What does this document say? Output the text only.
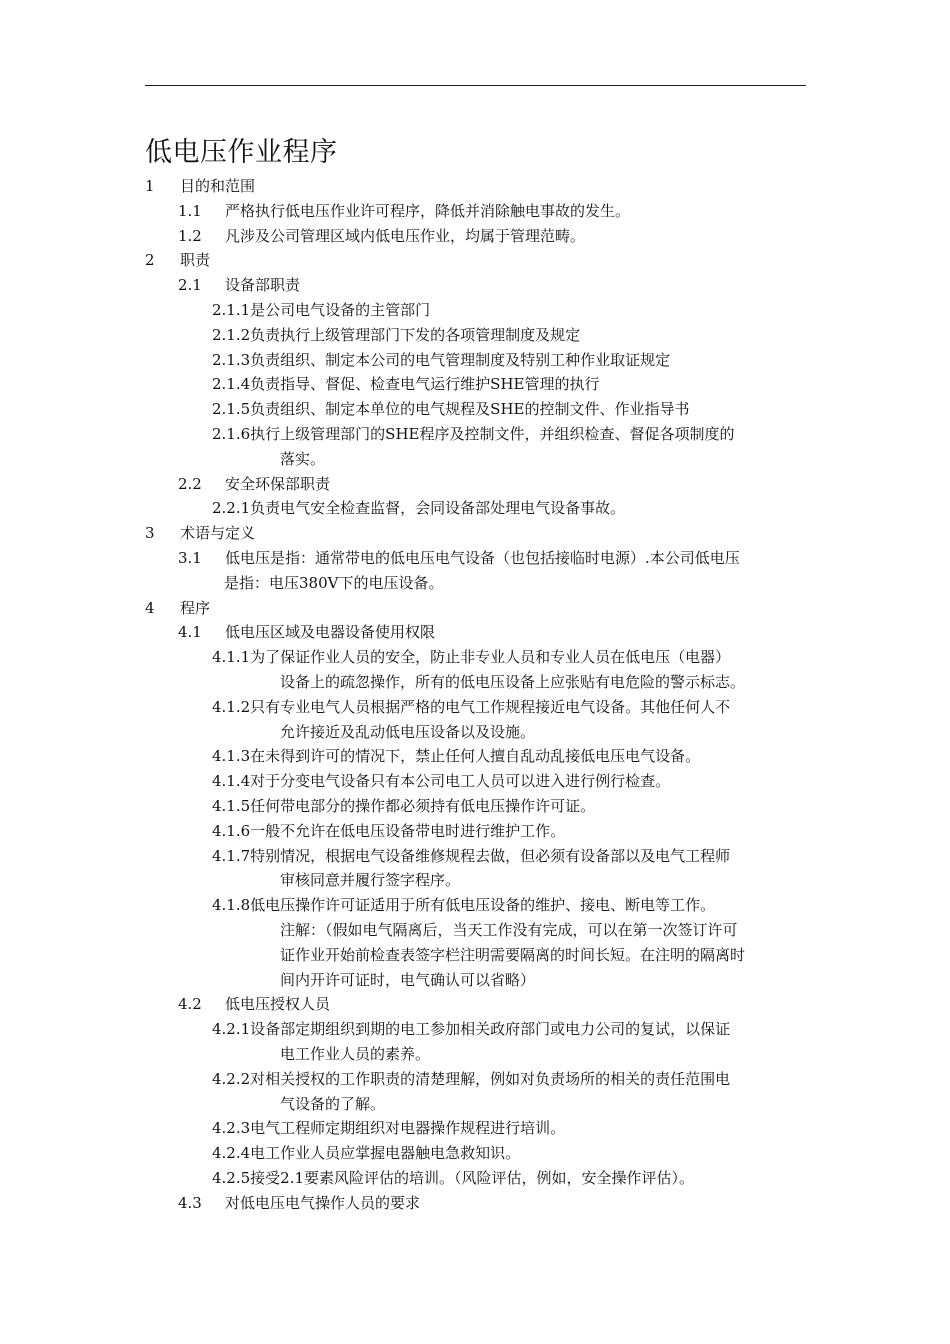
低电压作业程序
1 目的和范围
1.1 严格执行低电压作业许可程序，降低并消除触电事故的发生。
1.2 凡涉及公司管理区域内低电压作业，均属于管理范畴。
2 职责
2.1 设备部职责
2.1.1是公司电气设备的主管部门
2.1.2负责执行上级管理部门下发的各项管理制度及规定
2.1.3负责组织、制定本公司的电气管理制度及特别工种作业取证规定
2.1.4负责指导、督促、检查电气运行维护SHE管理的执行
2.1.5负责组织、制定本单位的电气规程及SHE的控制文件、作业指导书
2.1.6执行上级管理部门的SHE程序及控制文件，并组织检查、督促各项制度的
落实。
2.2 安全环保部职责
2.2.1负责电气安全检查监督，会同设备部处理电气设备事故。
3 术语与定义
3.1 低电压是指：通常带电的低电压电气设备（也包括接临时电源）.本公司低电压
是指：电压380V下的电压设备。
4 程序
4.1 低电压区域及电器设备使用权限
4.1.1为了保证作业人员的安全，防止非专业人员和专业人员在低电压（电器）
设备上的疏忽操作，所有的低电压设备上应张贴有电危险的警示标志。
4.1.2只有专业电气人员根据严格的电气工作规程接近电气设备。其他任何人不
允许接近及乱动低电压设备以及设施。
4.1.3在未得到许可的情况下，禁止任何人擅自乱动乱接低电压电气设备。
4.1.4对于分变电气设备只有本公司电工人员可以进入进行例行检查。
4.1.5任何带电部分的操作都必须持有低电压操作许可证。
4.1.6一般不允许在低电压设备带电时进行维护工作。
4.1.7特别情况，根据电气设备维修规程去做，但必须有设备部以及电气工程师
审核同意并履行签字程序。
4.1.8低电压操作许可证适用于所有低电压设备的维护、接电、断电等工作。
注解：（假如电气隔离后，当天工作没有完成，可以在第一次签订许可
证作业开始前检查表签字栏注明需要隔离的时间长短。在注明的隔离时
间内开许可证时，电气确认可以省略）
4.2 低电压授权人员
4.2.1设备部定期组织到期的电工参加相关政府部门或电力公司的复试，以保证
电工作业人员的素养。
4.2.2对相关授权的工作职责的清楚理解，例如对负责场所的相关的责任范围电
气设备的了解。
4.2.3电气工程师定期组织对电器操作规程进行培训。
4.2.4电工作业人员应掌握电器触电急救知识。
4.2.5接受2.1要素风险评估的培训。（风险评估，例如，安全操作评估）。
4.3 对低电压电气操作人员的要求
